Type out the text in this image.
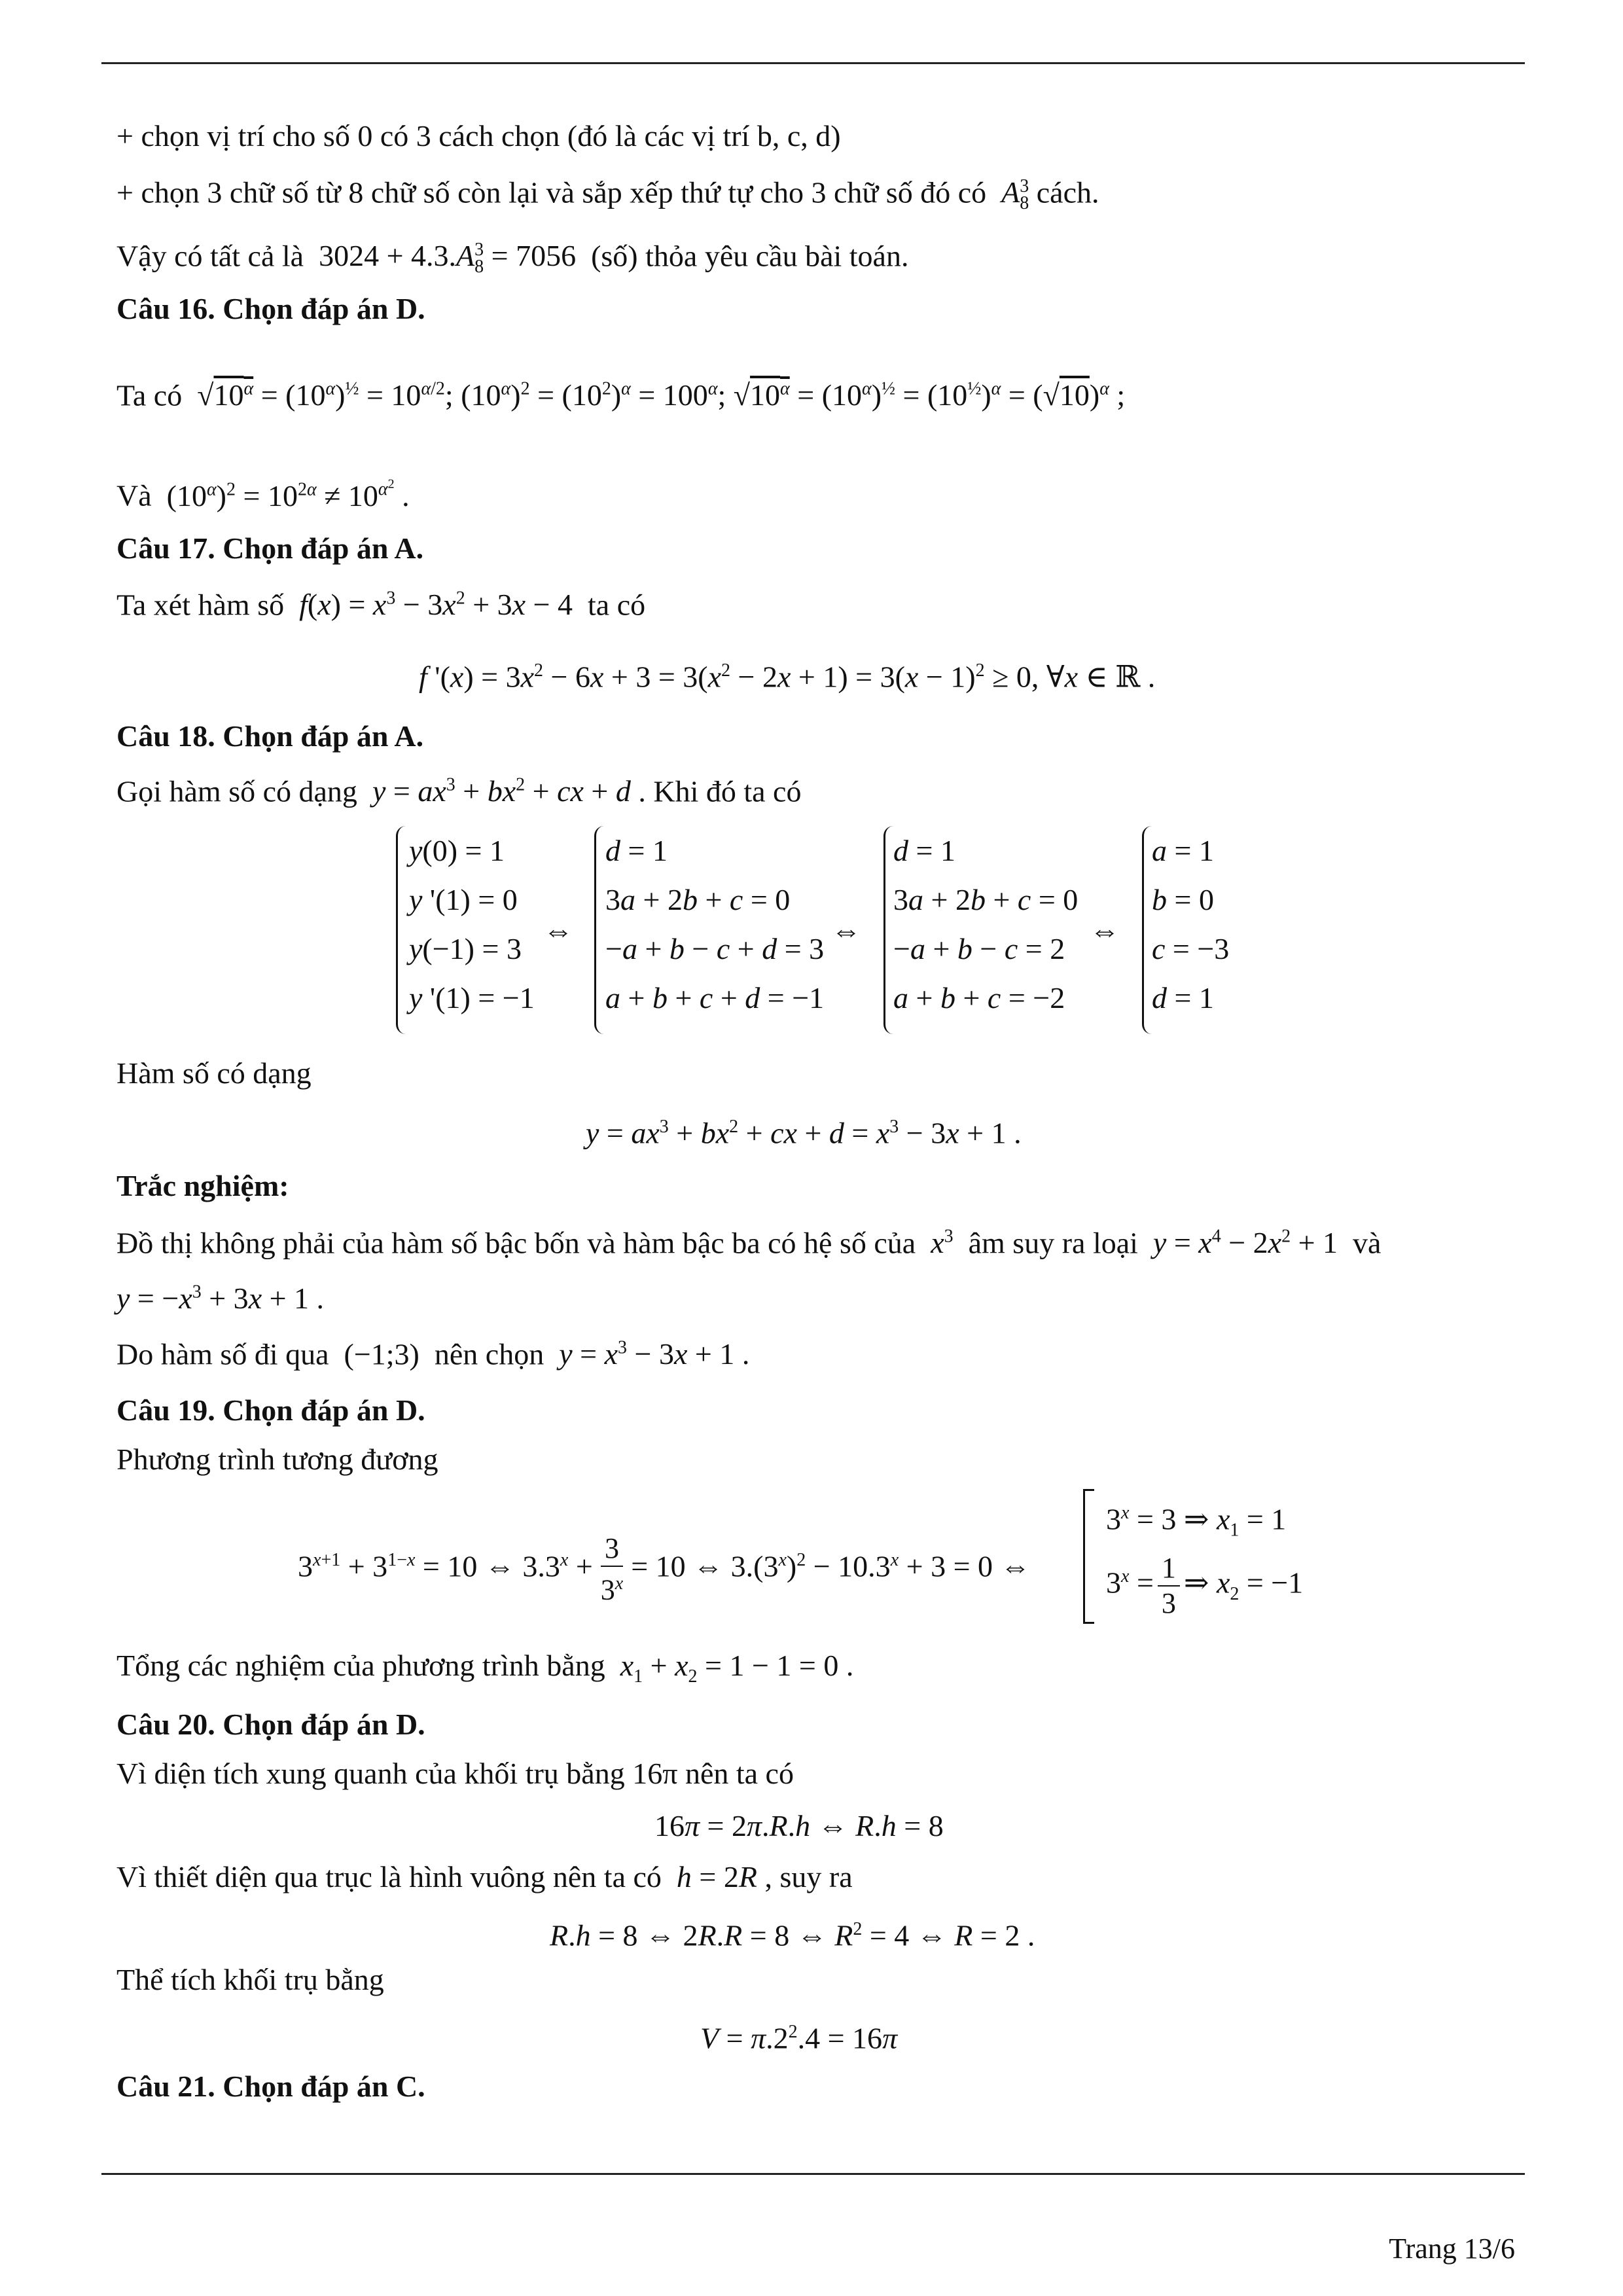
+ chọn vị trí cho số 0 có 3 cách chọn (đó là các vị trí b, c, d)
+ chọn 3 chữ số từ 8 chữ số còn lại và sắp xếp thứ tự cho 3 chữ số đó có  $A_8^3$ cách.
Vậy có tất cả là  $3024 + 4.3.A_8^3 = 7056$  (số) thỏa yêu cầu bài toán.
Câu 16. Chọn đáp án D.
Ta có  $√10^\alpha = (10^\alpha)^{\frac{1}{2}} = 10^{\alpha/2}$; $(10^\alpha)^2 = (10^2)^\alpha = 100^\alpha$; $√10^\alpha = (10^\alpha)^{\frac{1}{2}} = (10^{\frac{1}{2}})^\alpha = (√10)^\alpha$ ;
Và  $(10^\alpha)^2 = 10^{2\alpha} \ne 10^{\alpha^2}$ .
Câu 17. Chọn đáp án A.
Ta xét hàm số $f(x) = x^3 - 3x^2 + 3x - 4$  ta có
f '$(x) = 3x^2 - 6x + 3 = 3(x^2 - 2x + 1) = 3(x - 1)^2 \ge 0$, ∀x ∈ ℝ .
Câu 18. Chọn đáp án A.
Gọi hàm số có dạng $y = ax^3 + bx^2$ + cx + d . Khi đó ta có
y(0) = 1
y '(1) = 0
y(−1) = 3
y '(1) = −1
⇔
d = 1
3a + 2b + c = 0
−a + b − c + d = 3
a + b + c + d = −1
⇔
d = 1
3a + 2b + c = 0
−a + b − c = 2
a + b + c = −2
⇔
a = 1
b = 0
c = −3
d = 1
Hàm số có dạng
$y = ax^3 + bx^2$ + cx + $d = x^3 - 3x + 1$ .
Trắc nghiệm:
Đồ thị không phải của hàm số bậc bốn và hàm bậc ba có hệ số của $x^3$ âm suy ra loại $y = x^4 - 2x^2 + 1$  và
$y = -x^3 + 3x + 1$ .
Do hàm số đi qua  (−1;3)  nên chọn $y = x^3 - 3x + 1$ .
Câu 19. Chọn đáp án D.
Phương trình tương đương
$3^{x+1} + 3^{1-x} = 10$ ⇔ $3.3^x + \frac{3}{3^x} = 10$ ⇔ $3.(3^x)^2 - 10.3^x + 3 = 0$ ⇔
$3^x = 3$ ⇒ $x_1 = 1$
$3^x = \frac{1}{3}$ ⇒ $x_2 = -1$
Tổng các nghiệm của phương trình bằng $x_1 + x_2 = 1 - 1 = 0$ .
Câu 20. Chọn đáp án D.
Vì diện tích xung quanh của khối trụ bằng 16π nên ta có
16π = 2π.R.h ⇔ R.h = 8
Vì thiết diện qua trục là hình vuông nên ta có h = 2R , suy ra
R.h = 8 ⇔ 2R.R = 8 ⇔ $R^2 = 4$ ⇔ R = 2 .
Thể tích khối trụ bằng
$V = \pi.2^2.4 = 16\pi$
Câu 21. Chọn đáp án C.
Trang 13/6
